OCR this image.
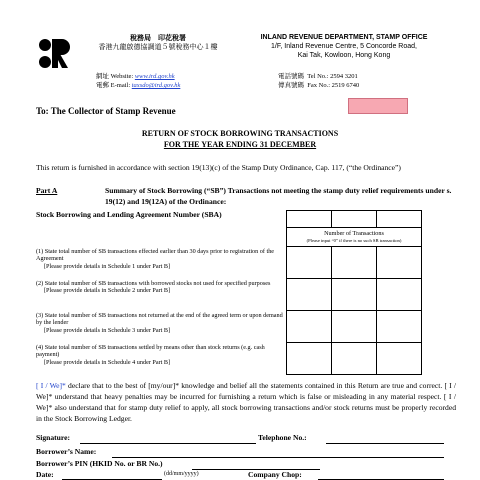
稅務局　印花稅署
香港九龍啟德協調道５號稅務中心１樓
INLAND REVENUE DEPARTMENT, STAMP OFFICE
1/F, Inland Revenue Centre, 5 Concorde Road,
Kai Tak, Kowloon, Hong Kong
網址 Website: www.ird.gov.hk
電郵 E-mail: taxsdo@ird.gov.hk
電話號碼 Tel No.: 2594 3201
傳真號碼 Fax No.: 2519 6740
To: The Collector of Stamp Revenue
RETURN OF STOCK BORROWING TRANSACTIONS
FOR THE YEAR ENDING 31 DECEMBER
This return is furnished in accordance with section 19(13)(c) of the Stamp Duty Ordinance, Cap. 117, (“the Ordinance”)
Part A	Summary of Stock Borrowing (“SB”) Transactions not meeting the stamp duty relief requirements under s. 19(12) and 19(12A) of the Ordinance:
Stock Borrowing and Lending Agreement Number (SBA)

Number of Transactions
(Please input “0” if there is no such SB transaction)		

(1) State total number of SB transactions effected earlier than 30 days prior to registration of the Agreement
[Please provide details in Schedule 1 under Part B]
(2) State total number of SB transactions with borrowed stocks not used for specified purposes
[Please provide details in Schedule 2 under Part B]
(3) State total number of SB transactions not returned at the end of the agreed term or upon demand by the lender
[Please provide details in Schedule 3 under Part B]
(4) State total number of SB transactions settled by means other than stock returns (e.g. cash payment)
[Please provide details in Schedule 4 under Part B]
[ I / We]* declare that to the best of [my/our]* knowledge and belief all the statements contained in this Return are true and correct. [ I / We]* understand that heavy penalties may be incurred for furnishing a return which is false or misleading in any material respect. [ I / We]* also understand that for stamp duty relief to apply, all stock borrowing transactions and/or stock returns must be properly recorded in the Stock Borrowing Ledger.
Signature:	Telephone No.:
Borrower’s Name:
Borrower’s PIN (HKID No. or BR No.)
Date:	(dd/mm/yyyy)	Company Chop:
